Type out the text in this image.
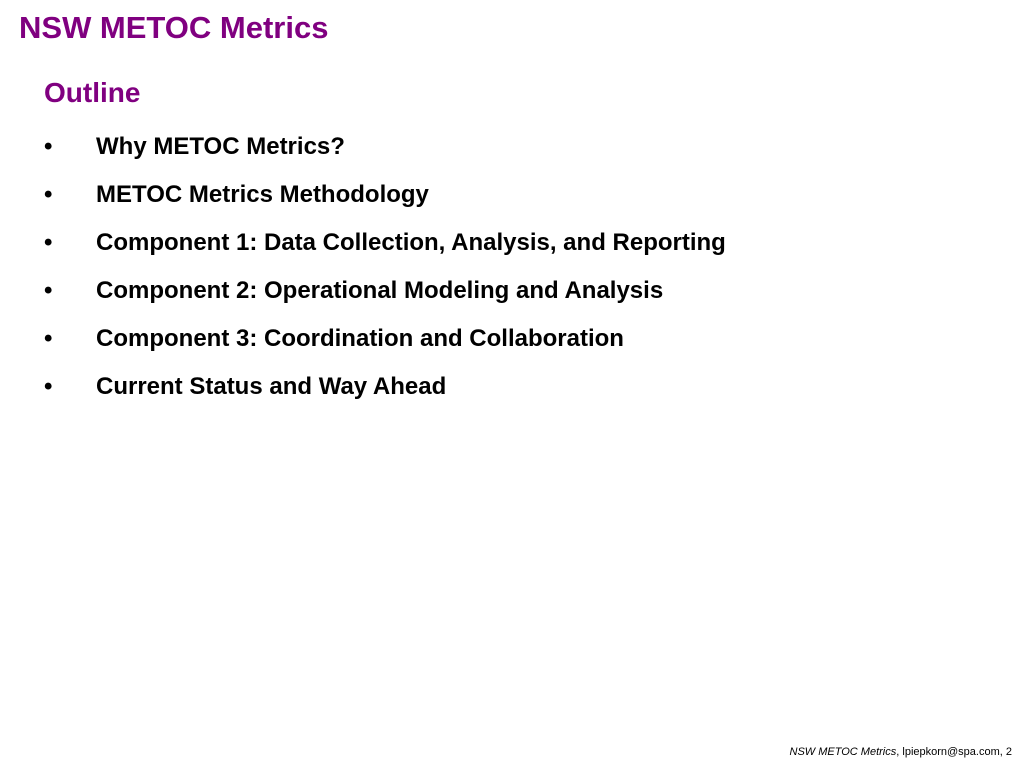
NSW METOC Metrics
Outline
•	Why METOC Metrics?
•	METOC Metrics Methodology
•	Component 1: Data Collection, Analysis, and Reporting
•	Component 2: Operational Modeling and Analysis
•	Component 3: Coordination and Collaboration
•	Current Status and Way Ahead
NSW METOC Metrics, lpiepkorn@spa.com, 2
